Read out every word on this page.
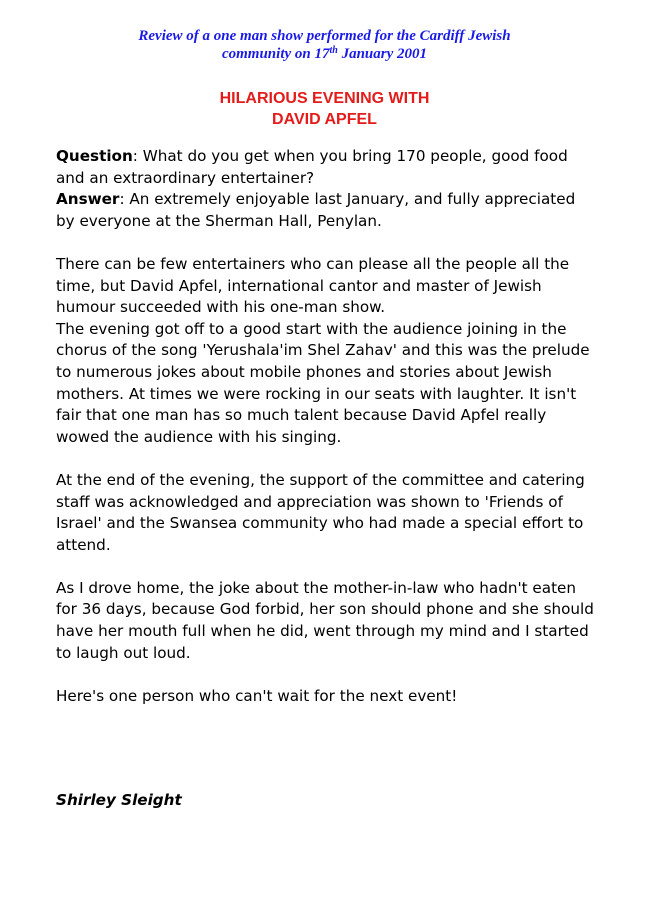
Review of a one man show performed for the Cardiff Jewish
community on 17th January 2001
HILARIOUS EVENING WITH
DAVID APFEL

Question: What do you get when you bring 170 people, good food and an extraordinary entertainer?

Answer: An extremely enjoyable last January, and fully appreciated by everyone at the Sherman Hall, Penylan.

There can be few entertainers who can please all the people all the time, but David Apfel, international cantor and master of Jewish humour succeeded with his one-man show.

The evening got off to a good start with the audience joining in the chorus of the song 'Yerushala'im Shel Zahav' and this was the prelude to numerous jokes about mobile phones and stories about Jewish mothers. At times we were rocking in our seats with laughter. It isn't fair that one man has so much talent because David Apfel really wowed the audience with his singing.

At the end of the evening, the support of the committee and catering staff was acknowledged and appreciation was shown to 'Friends of Israel' and the Swansea community who had made a special effort to attend.

As I drove home, the joke about the mother-in-law who hadn't eaten for 36 days, because God forbid, her son should phone and she should have her mouth full when he did, went through my mind and I started to laugh out loud.

Here's one person who can't wait for the next event!

Shirley Sleight
